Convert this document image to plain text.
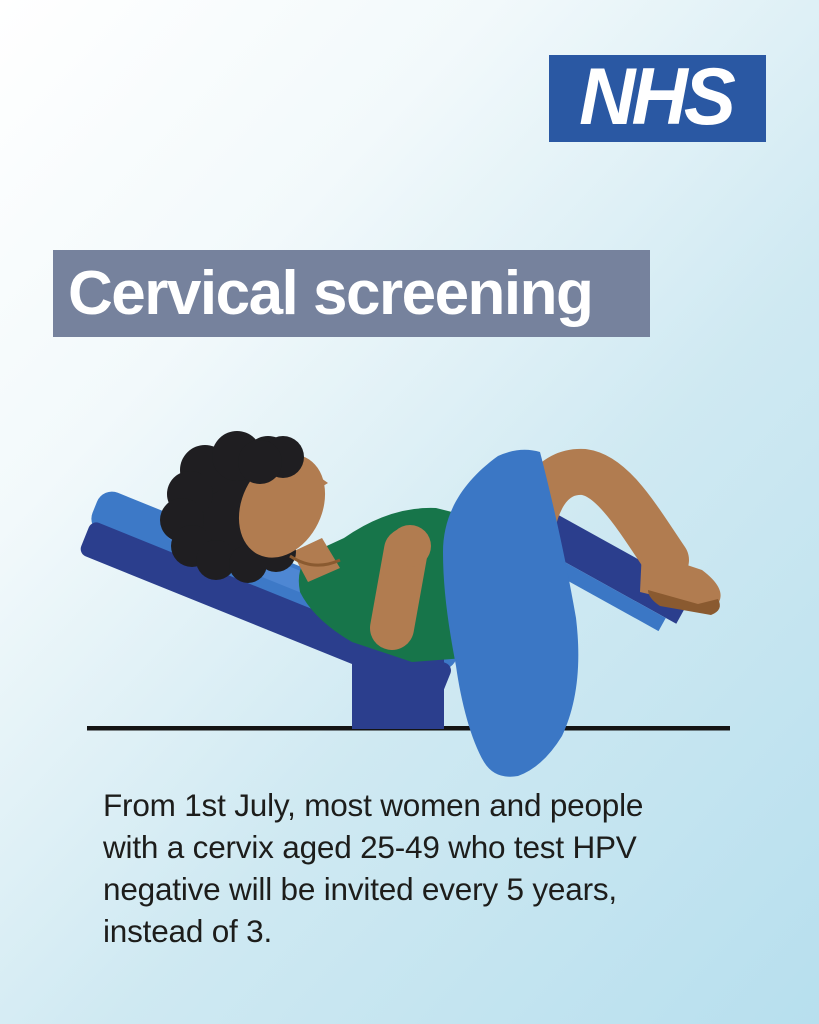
NHS
Cervical screening
From 1st July, most women and people
with a cervix aged 25-49 who test HPV
negative will be invited every 5 years,
instead of 3.
